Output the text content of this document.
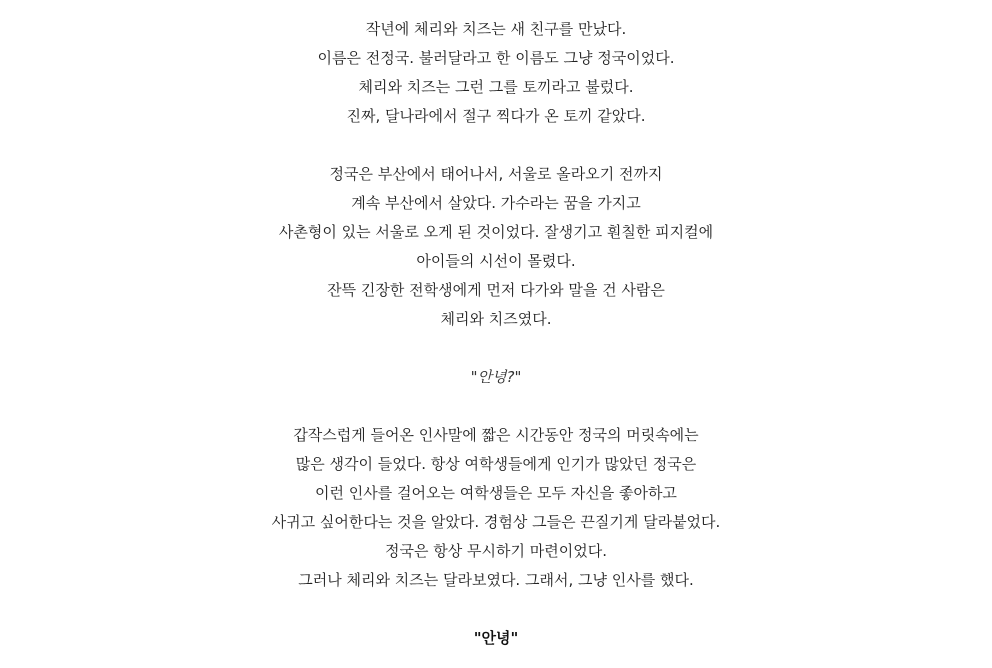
작년에 체리와 치즈는 새 친구를 만났다.
이름은 전정국. 불러달라고 한 이름도 그냥 정국이었다.
체리와 치즈는 그런 그를 토끼라고 불렀다.
진짜, 달나라에서 절구 찍다가 온 토끼 같았다.
정국은 부산에서 태어나서, 서울로 올라오기 전까지
계속 부산에서 살았다. 가수라는 꿈을 가지고
사촌형이 있는 서울로 오게 된 것이었다. 잘생기고 훤칠한 피지컬에
아이들의 시선이 몰렸다.
잔뜩 긴장한 전학생에게 먼저 다가와 말을 건 사람은
체리와 치즈였다.
"안녕?"
갑작스럽게 들어온 인사말에 짧은 시간동안 정국의 머릿속에는
많은 생각이 들었다. 항상 여학생들에게 인기가 많았던 정국은
이런 인사를 걸어오는 여학생들은 모두 자신을 좋아하고
사귀고 싶어한다는 것을 알았다. 경험상 그들은 끈질기게 달라붙었다.
정국은 항상 무시하기 마련이었다.
그러나 체리와 치즈는 달라보였다. 그래서, 그냥 인사를 했다.
"안녕"
